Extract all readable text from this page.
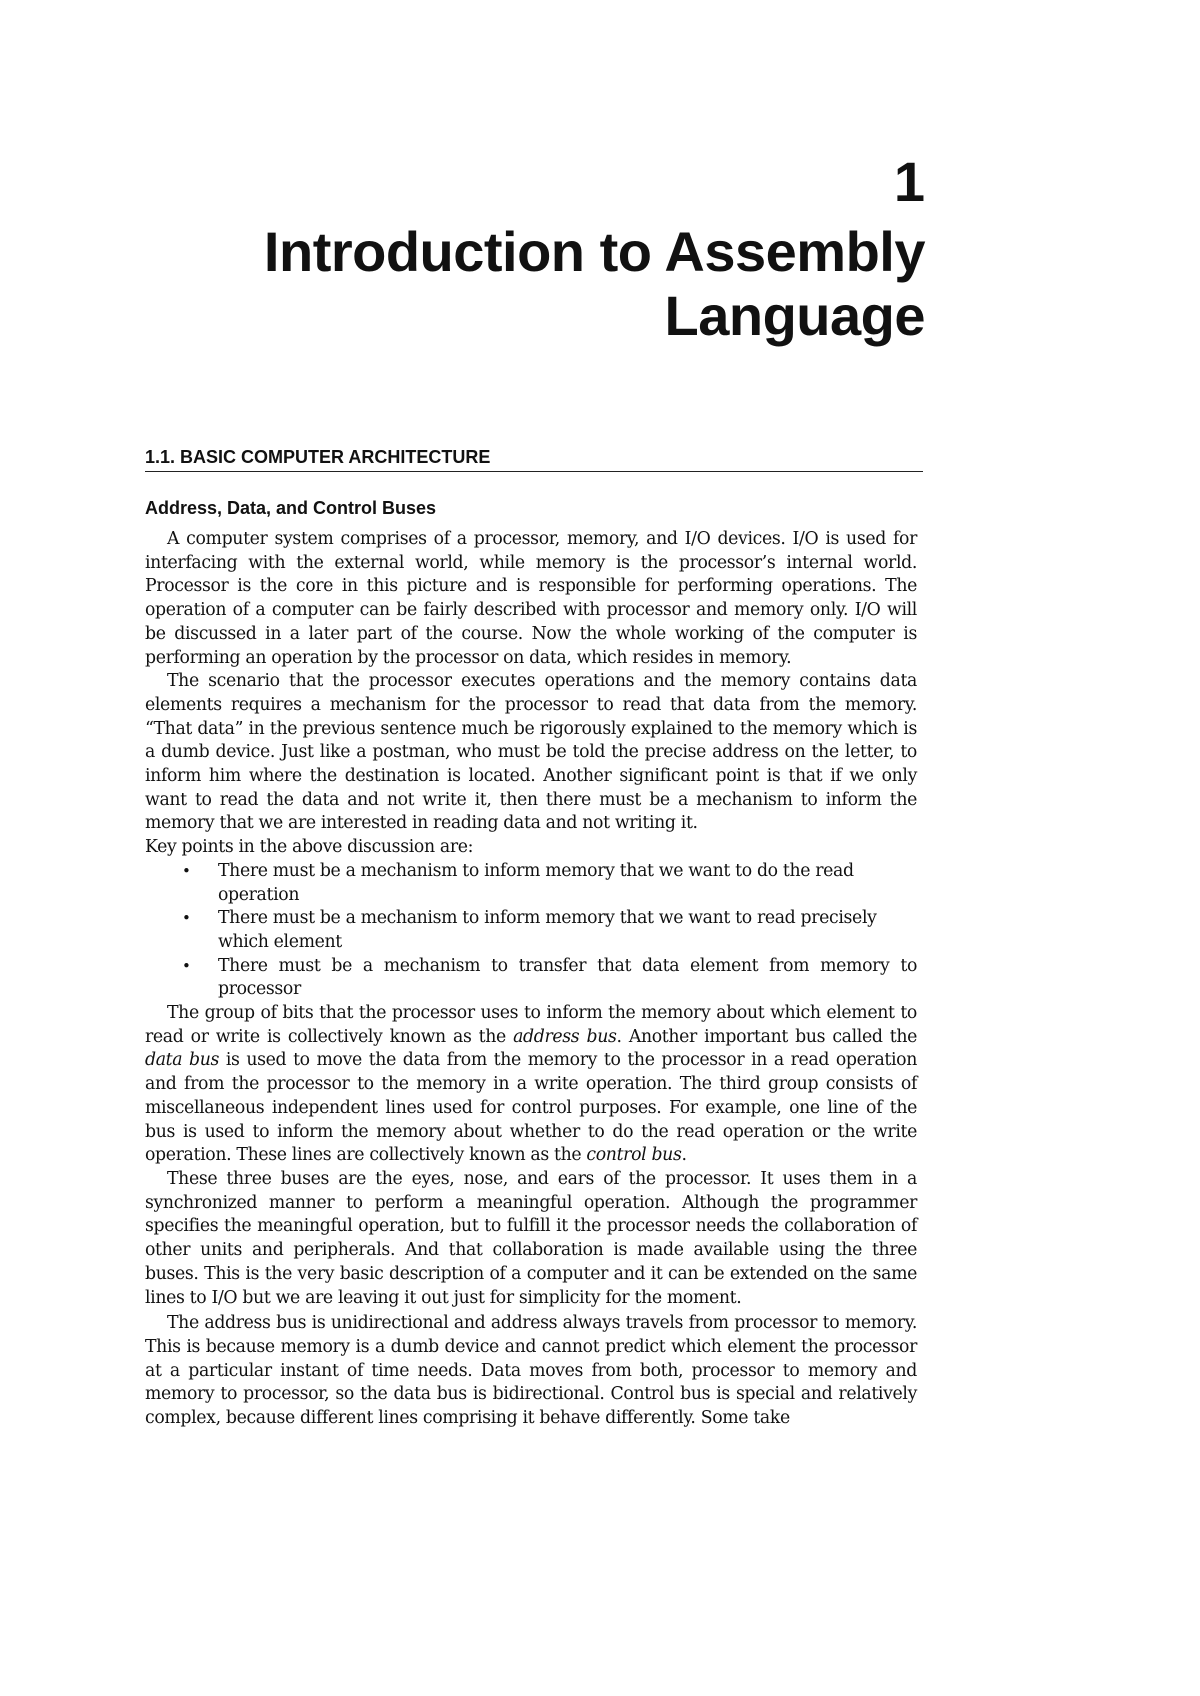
1
Introduction to Assembly
Language
1.1. BASIC COMPUTER ARCHITECTURE
Address, Data, and Control Buses

A computer system comprises of a processor, memory, and I/O devices. I/O is used for interfacing with the external world, while memory is the processor’s internal world. Processor is the core in this picture and is responsible for performing operations. The operation of a computer can be fairly described with processor and memory only. I/O will be discussed in a later part of the course. Now the whole working of the computer is performing an operation by the processor on data, which resides in memory.

The scenario that the processor executes operations and the memory contains data elements requires a mechanism for the processor to read that data from the memory. “That data” in the previous sentence much be rigorously explained to the memory which is a dumb device. Just like a postman, who must be told the precise address on the letter, to inform him where the destination is located. Another significant point is that if we only want to read the data and not write it, then there must be a mechanism to inform the memory that we are interested in reading data and not writing it.

Key points in the above discussion are:

• There must be a mechanism to inform memory that we want to do the read operation
• There must be a mechanism to inform memory that we want to read precisely which element
• There must be a mechanism to transfer that data element from memory to processor

The group of bits that the processor uses to inform the memory about which element to read or write is collectively known as the address bus. Another important bus called the data bus is used to move the data from the memory to the processor in a read operation and from the processor to the memory in a write operation. The third group consists of miscellaneous independent lines used for control purposes. For example, one line of the bus is used to inform the memory about whether to do the read operation or the write operation. These lines are collectively known as the control bus.

These three buses are the eyes, nose, and ears of the processor. It uses them in a synchronized manner to perform a meaningful operation. Although the programmer specifies the meaningful operation, but to fulfill it the processor needs the collaboration of other units and peripherals. And that collaboration is made available using the three buses. This is the very basic description of a computer and it can be extended on the same lines to I/O but we are leaving it out just for simplicity for the moment.

The address bus is unidirectional and address always travels from processor to memory. This is because memory is a dumb device and cannot predict which element the processor at a particular instant of time needs. Data moves from both, processor to memory and memory to processor, so the data bus is bidirectional. Control bus is special and relatively complex, because different lines comprising it behave differently. Some take
